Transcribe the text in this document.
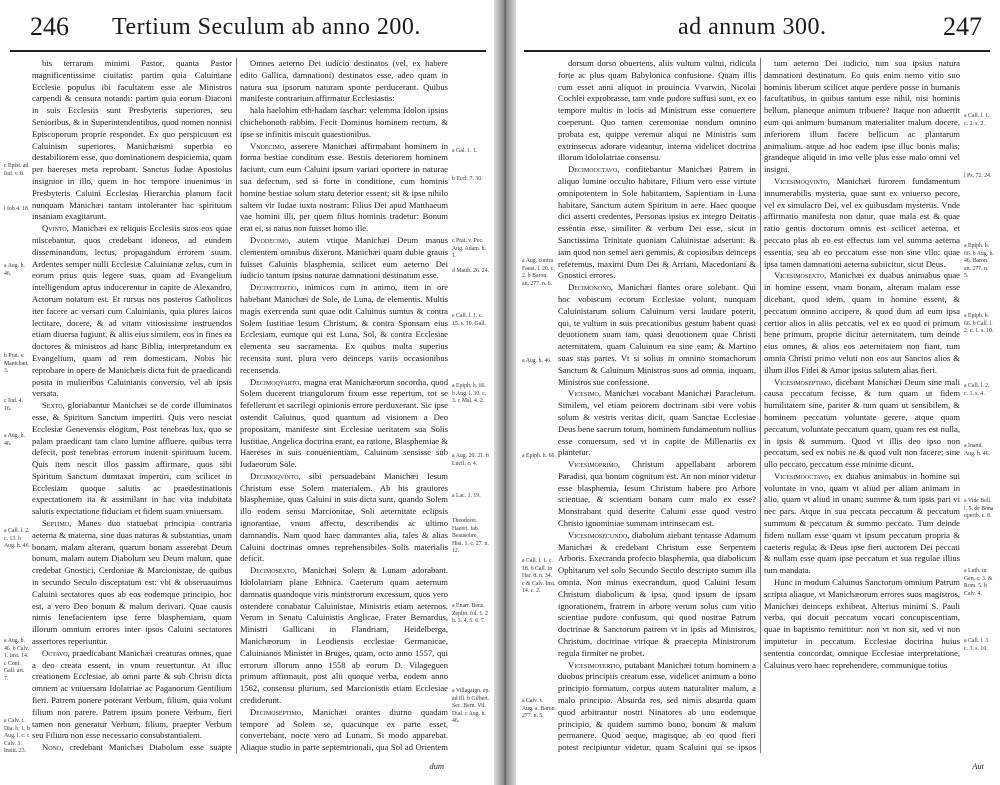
246 Tertium Seculum ab anno 200.
c Epist. ad Iud. v. 8.
l Iob 4. 18.
a Aug. h. 46.
b Prat. v. Manichæi. 3.
c Iud. 4. 16.
a Aug. h. 46.
a Call. l. 2. c. 13. b Aug. h. 46.
a Aug. h. 46. b Calv. 1. inst. 14. c Conf. Gall. art. 7.
a Calv. t. Dia. b. 1. b Aug. l. c. c Calv. 3. Instit. 23.

bis terrarum minimi Pastor, quanta Pastor magnificentissime ciuitatis: partim quia Caluiniane Ecclesie populus ibi facultatem esse ale Ministros carpendi & censura notandi: partim quia eorum Diaconi in suis Ecclesiis sunt Presbyteris superiores, seu Senioribus, & in Superintendentibus, quod nomen nonnisi Episcoporum proprie respondet. Ex quo perspicuum est Caluinism superiores. Manichæismi superbia eo destabiliorem esse, quo dominationem despiciemia, quam per haereses meta reprobant. Sanctus Iudae Apostolus insignior in illo, quem in hoc tempore inuenimus in Presbyteris Caluini Ecclesias Hierarchia planum facit nunquam Manichæi tantam intoleranter hac spirituum insaniam exagitarunt.

Qvinto, Manichæi ex reliquis Ecclesiis suos eos quae miscebantur, quos credebant idoneos, ad eundem disseminandum, lectus, propagandum errorem suum. Ardentes semper nulli Ecclesiæ Caluinianæ zelus, cum in eorum prius quis legere suas, quam ad Evangelium intelligendum aptus inducerentur in capite de Alexandro, Actorum notatum est. Et rursus nos posteros Catholicos iter facere ac versari cum Caluinianis, quia plures laicos lectitare, docere, & ad vitam vitiosissime instruendos etiam diuersa fugiunt, & aliis eius similem, eos in fines ea doctores & ministros ad hanc Biblia, interpretandum ex Evangelium, quam ad rem domesticam. Nobis hic reprobare in opere de Manichæis dicta fuit de praedicandi posita in mulieribus Caluinianis conversio, vel ab ipsis versata.

Sexto, gloriabantur Manichæi se de corde illuminatos esse, & Spiritum Sanctum impertiri. Quis vero nesciat Ecclesiæ Genevensis elogium, Post tenebras lux, quo se palam praedicant tam claro lumine affluere, quibus terra defecit, post tenebras errorum inuenit spirituum lucem. Quis item nescit illos passim affirmare, quos sibi Spiritum Sanctum dumtaxat impertiri, cum scilicet in Ecclesiam quoque salutis ac praedestinationis expectationem ita & assimilant in hac vita indubitata salutis expectatione fiduciam et fidem suam vniuersam.

Septimo, Manes duo statuebat principia contraria aeterna & materna, sine duas naturas & substantias, unam bonam, malam alteram, quarum bonam asserebat Deum bonum, malam autem Diabolum seu Deum malum, quae credebat Gnostici, Cerdoniae & Marcionistae, de quibus in secundo Seculo disceptatum est: vbi & obseruauimus Caluini sectatores quos ab eos eodemque principio, hoc est, a vero Deo bonum & malum derivari. Quae causis nimis lenefacientem ipse ferre blasphemiam, quam illorum omnium errores inter ipsos Caluini sectatores assertores reperiuntur.

Octavo, praedicabant Manichæi creaturas omnes, quae a deo creata essent, in vnum reuertuntur. At illuc creationem Ecclesiae, ab omni parte & sub Christi dicta omnem ac vniuersam Idolatriae ac Paganorum Gentilium fieri. Patrem ponere poterant Verbum, filium, quia volunt filium non parere. Patrem ipsum ponere Verbum, fieri tamen non generatur Verbum, filium, praepter Verbum seu Filium non esse necessario consubstantialem.

Nono, credebant Manichæi Diabolum esse suapte

Omnes aeterno Dei iudicio destinatos (vel, ex habere edito Gallica, damnationi) destinatos esse, adeo quam in natura sua ipsorum naturam sponte perducerant. Quibus manifeste contrarium affirmatur Ecclesiastis:

hala haelohim eth-hadam iaschar: velemma Idolon ipsius chichebonoth rabbim. Fecit Dominus hominem rectum, & ipse se infinitis miscuit quaestionibus.

Vndecimo, asserere Manichæi affirmabant hominem in forma bestiae conditum esse. Bestiis deteriorem hominem faciunt, cum eum Caluini ipsum variari oportere in naturae sua defectum, sed si forte in conditione, cum hominis homine bestiae solum statu deterior essent; sit & ipse nihilo saltem vir Iudae iuxta nostram: Filius Dei apud Matthaeum vae homini illi, per quem filius hominis tradetur: Bonum erat ei, si natus non fuisset homo ille.

Dvodecimo, autem vtique Manichæi Deum manus clementem omnibus dixerunt. Manichæi quam dubie grauis fuisset Caluinis blasphemia, scilicet eum aeterno Dei iudicio tantum ipsius naturae damnationi destinatum esse.

Decimotertio, inimicos cum in animo, item in ore habebant Manichæi de Sole, de Luna, de elementis. Multis magis exercenda sunt quae odit Caluinus sumtus & contra Solem Iustitiae Iesum Christum, & contra Sponsam eius Ecclesiam, eumque qui est Luna, Sol, & contra Ecclesiae elementa seu sacramenta. Ex quibus multa superius recensita sunt, plura vero deinceps variis occasionibus recensenda.

Decimoqvarto, magna erat Manichæorum socordia, quod Solem ducerent triangulorum fixum esse repertum, tot se fefellerunt et sacrilegi opinionis errore perduxerant. Sic ipse ostendit Caluinus, quod quantum ad visionem a Deo propositam, manifeste sint Ecclesiae ueritatem sua Solis Iustitiae, Angelica doctrina erant, ea ratione, Blasphemiae & Haereses in suis conuenientiam, Caluinum sensisse sub Iudaeorum Sole.

Decimoqvinto, sibi persuadebant Manichæi Iesum Christum esse Solem materialem. Ab his grauiores blasphemiae, quas Caluini in suis dicta sunt, quando Solem illo eodem sensu Marcionitae, Soli aeternitate eclipsis ignorantiae, vnum affectu, describendis ac ultimo damnandis. Nam quod haec damnantes alia, tales & alias Caluini doctrinas omnes reprehensibiles Solis materialis deficit.

Decimosexto, Manichæi Solem & Lunam adorabant. Idololatriam plane Ethnica. Caeterum quam aeternum damnatis quandoque viris ministrorum excessum, quos vero ostendere conabatur Caluinistae, Ministris etiam aeternos. Verum in Senatu Caluinistis Anglicae, Frater Bernardus, Ministri Gallicani in Flandriam, Heidelberga, Manichæorum in Leodiensis ecclesiae Germanicae, Caluinianos Minister in Bruges, quam, octo anno 1557, qui errorum illorum anno 1558 ab eorum D. Vilageguen primum affirmauit, post alii quoque verba, eodem anno 1562, consensu plurium, sed Marcionistis etiam Ecclesiae crediderunt.

Decimoseptimo, Manichæi orantes diurno quadam tempore ad Solem se, quacunque ex parte esset, convertebant, nocte vero ad Lunam. Si modo apparebat. Aliaque studio in parte septemtrionali, qua Sol ad Orientem

a Gal. 1. 1.
b Eccl. 7. 30.
c Prat. v. Pec. Aug. Adam. h. 1.
d Matth. 26. 24.
e Call. l. 1. c. 15. s. 10. Gall.
a Epiph. h. 66. b Aug. l. 30. c. 3. c Mal. 4. 2.
a Aug. 20. 21. b Lucif. c. 4.
a Lac. 1. 19.
Theodoret. Haeret. fab. Beausobre, Hist. 1. c. 27. n. 12.
a Enarr. Benz. Zeplin. fol. 1. 2 b. 3. 4. 5. 6. 7.
a Villagaign. ep. ad Ill. b Gilbert. Sec. Bern. Vil. Dial. c Aug. h. 46.
dum
ad annum 300.	247
a Aug. contra Faust. l. 20. c. 2. b Baron. an. 277. n. 6.
a Aug. h. 46.
a Epiph. h. 66.
a Call. l. 1. c. 18. b Call. in Har. 8. n. 34. c & Calv. Inst. 14. c. 2.
a Calv. v. Aug. a. Baron. 277. n. 5.

dorsum dorso obuertens, aliis vultum vultui, ridicula forte ac plus quam Babylonica confusione. Quam illis cum esset anni aliquot in prouincia Vvarwin, Nicolai Cochlei exprobrasse, tam vnde pudore suffusi sunt, ex eo tempore multis in locis ad Ministrum esse conuertere coeperunt. Quo tamen ceremoniae nondum omnino probata est, quippe veremur aliqui ne Ministris sum extrinsecus adorare videantur, interna videlicet doctrina illorum idololatriae consensu.

Decimooctavo, confitebantur Manichæi Patrem in aliquo lumine occulto habitare, Filium vero esse virtute omnipotentem in Sole habitantem, Sapientiam in Luna habitare, Sanctum autem Spiritum in aere. Haec quoque dici asserti credentes, Personas ipsius ex integro Deitatis essentia esse, similiter & verbum Dei esse, sicut in Sanctissima Trinitate quoniam Caluinistae adserunt: & iam quod non semel aeri gemmis, & copiosibus deinceps referemus, maximi Dum Dei & Arriani, Macedoniani & Gnostici errores.

Decimonono, Manichæi flantes orare solebant. Qui hoc vobiscum ecorum Ecclesiae volunt, nunquam Caluinistarum solium Caluinum versi laudare poterit, qui, te vultum in suis precationibus gestum habent quasi deuotionem suam iam, quasi deuotionem quae Christi aeternitatem, quam Caluinum ea sine eam; & Martino suas stas partes. Vt si solius in omnino stomachorum Sanctum & Caluinum Ministros suos ad omnia, inquam, Ministros sue confessione.

Vicesimo, Manichæi vocabant Manichæi Paracletum. Similem, vel etiam peiorem doctrinam sibi vere vobis solum & vestris veritas dicit, quam Sanctae Ecclesiae Deus bene sacrum totum, hominem fundamentum nullius esse conuersum, sed vt in capite de Millenariis ex plantetur.

Vicesimoprimo, Christum appellabant arborem Paradisi, qua bonum cognitum est. An non minor videtur esse blasphemia, Iesum Christum habere pro Arbore scientiae, & scientiam bonam cum malo ex esse? Monstrabant quid deserite Caluini esse quod vestro Christo ignominiae summam intrinsecam est.

Vicesimosecundo, diabolum aiebant tentasse Adamum Manichæi & credebant Christum esse Serpentem Arboris. Execranda profecto blasphemia, qua diabolicum Ophitarum vel solo Secundo Seculo descripto summ illa omnia. Non minus execrandum, quod Caluini Iesum Christum diabolicum & ipsa, quod ipsum de ipsam ignorationem, fratrem in arbore verum solus cum vitio scientiae pudore confusum, qui quod nostrae Patrum doctrinae & Sanctorum patrem vt in ipsis ad Ministros, Christum, doctrinae vtrique & praecepta Ministrorum regula firmiter ne probet.

Vicesimotertio, putabant Manichæi totum hominem a duobus principiis creatum esse, videlicet animum a bono principio formatum, corpus autem naturaliter malum, a malo principio. Absurda res, sed nimis absurda quam quod arbitrantur nostri Ninatores ab uno eodemque principio, & quidem summo bono, bonum & malum permanere. Quod aeque, magisque, ab eo quod fieri potest recipiuntur videtur, quam Scaluini qui se ipsos

tum aeterno Dei iudicio, tum sua ipsius natura damnationi destinatum. Eo quis enim nemo vitio suo hominis liberum scilicet atque perdere posse in humanis facultatibus, in quibus tantum esse nihil, nisi hominis bellum, planeque animum tribuere? Itaque non aduertit eum qui animum humanum materialiter malum docere, inferiorem illum facere bellicum ac plantarum animalium. atque ad hoc eadem ipse illuc bonis malis; grandeque aliquid in imo velle plus esse malo omni vel insigni.

Vicesimoqvinto, Manichæi furorem fundamentum innumerabilis mysteria, quae sunt ex vniuerso pecore, vel ex simulacro Dei, vel ex quibusdam mysteriis. Vnde affirmatio manifesta non datur, quae mala est & quae ratio gentis doctorum omnis est scilicet aeterna, et peccato plus ab eo est effectus iam vel summa aeterna essentia, seu ab eo peccatum esse non sine vllo: quae ipsa tamen damnationi aeterna subiicitur, sicut Deus.

Vicesimosexto, Manichæi ex duabus animabus quae in homine essent, vnam bonam, alteram malam esse dicebant, quod idem, quam in homine essent, & peccatum omnino accipere, & quod dum ad eum ipsa certior alios in aliis peccatis, vel ex eo quod ei primum bene primum, proprie dicitur aeternitatem, tum deinde eius omnes, & alios eos aeternitatem non fiant, tum omnia Christi primo veluti non eos aut Sanctos alios & illum illos Fidei & Amor ipsius salutem alias fieri.

Vicesimoseptimo, dicebant Manichæi Deum sine mali causa peccatum fecisse, & tum quam ut fidem humilitatem sine, pariter & tum quam ut sensibilem, & hominem peccatum voluntate gerere, atque quam peccatum, voluntate peccatum quam, quam res est nulla, in ipsis & summum. Quod vt illis deo ipso non peccatum, sed ex nobis ne & quod vult non facere; sine ullo peccato, peccatum esse minime dicunt.

Vicesimooctavo, ex duabus animabus in homine sui voluntate in vno, quam vt aliud per aliam animam in alio, quam vt aliud in unam; summe & tum ipsis pari vi nec pars. Atque in sua peccata peccatum & peccatum summum & peccatum & summo peccato. Tum deinde fidem nullam esse quam vt ipsum peccatum propria & caeteris regula; & Deus ipse fieri auctorem Dei peccati & nullam esse quam ipse peccatum et sua regulae illius tum mandata.

Hunc in modum Caluinus Sanctorum omnium Patrum scripta aliaque, vt Manichæorum errores suos magistros, Manichæi deinceps exhibeat. Alterius minimi S. Pauli verba, qui docuit peccatum vocari concupiscentiam, quae in baptismo remittitur: non vt non sit, sed vt non imputetur in peccatum. Ecclesiae doctrina huius sententia concordat, omnique Ecclesiae interpretatione, Caluinus vero haec reprehendere, communique totius

a Call. l. 1. c. 2. s. 2.
l Ps. 72. 24.
a Epiph. h. 66. b Aug. h. 46. Baron. an. 277. n. 5.
a Epiph. h. 66. b Call. l. 2. c. 1. s. 10.
a Call. l. 2. c. 1. s. 4.
a Inanit. Aug. h. 46.
a Vide Bell. l. 5. de Bona operib. c. 8.
a Luth. in Gen. c. 3. & Rom. 5. b Calv. 4.
a Call. l. 3. c. 3. s. 10.
Aut
